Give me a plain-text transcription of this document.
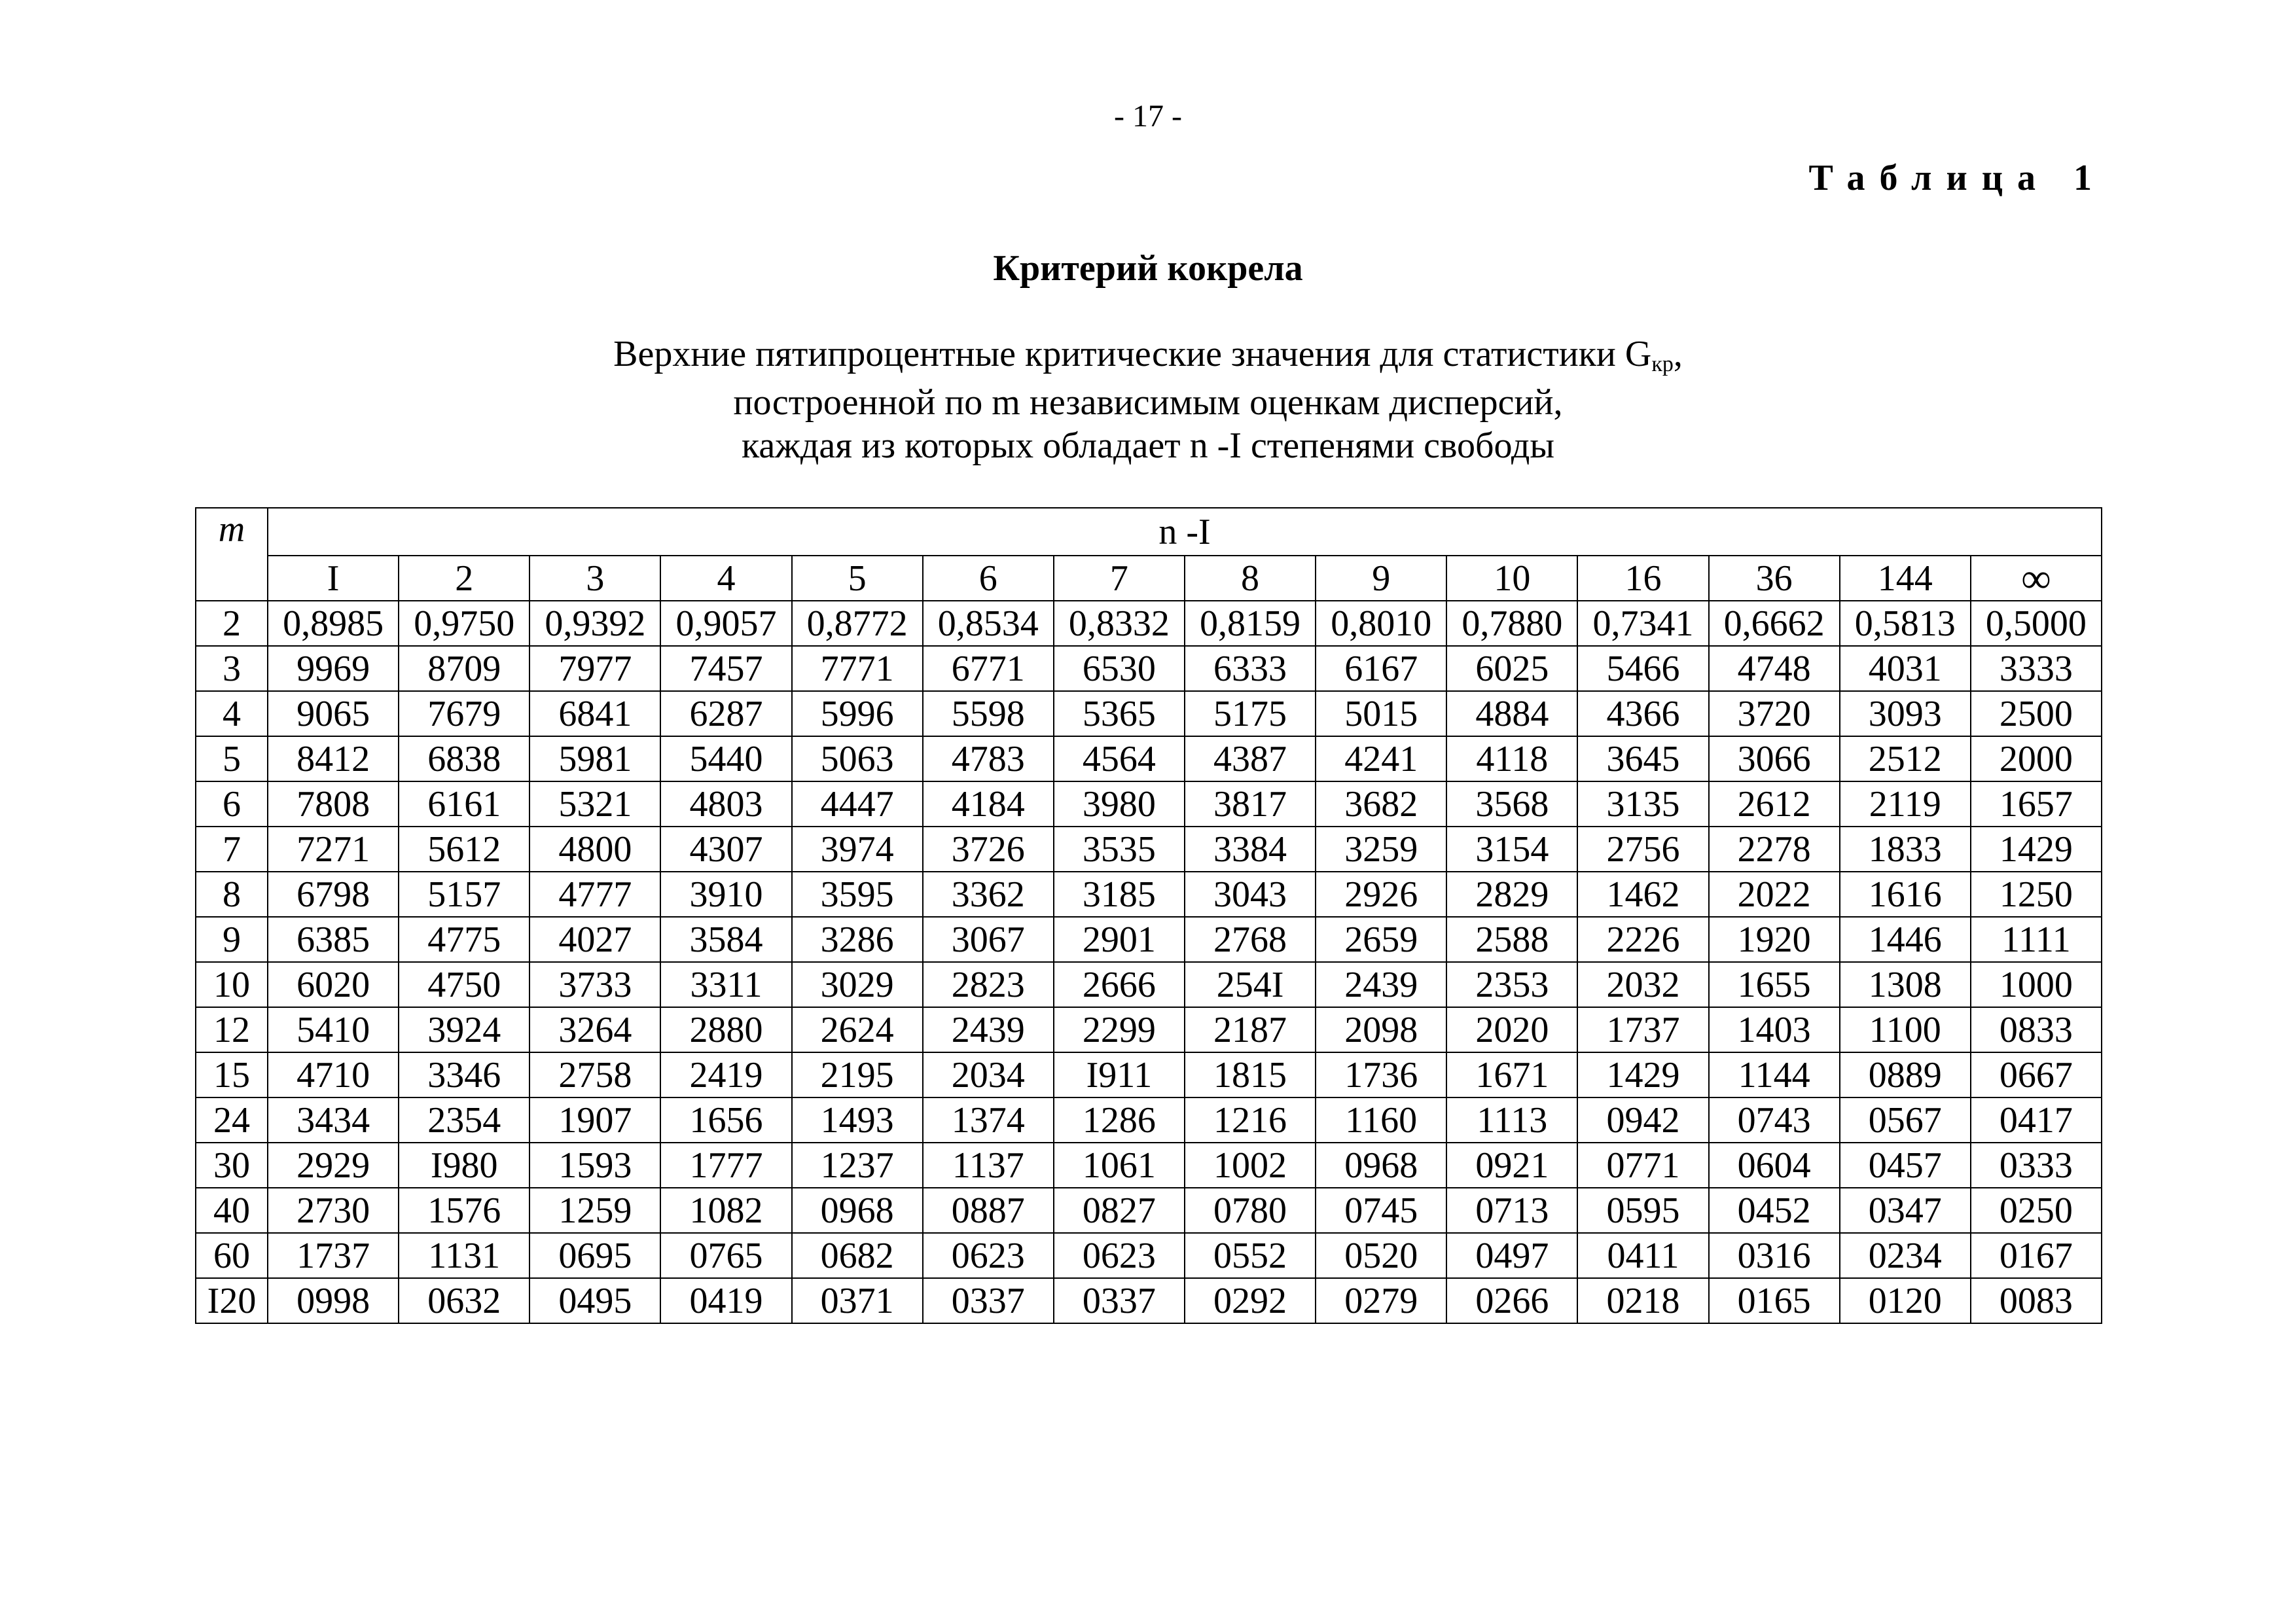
- 17 -
Таблица 1
Критерий кокрела
Верхние пятипроцентные критические значения для статистики $G_{кр}$,
построенной по m независимым оценкам дисперсий,
каждая из которых обладает n -I степенями свободы
m	n -I													
	I	2	3	4	5	6	7	8	9	10	16	36	144	∞
2	0,8985	0,9750	0,9392	0,9057	0,8772	0,8534	0,8332	0,8159	0,8010	0,7880	0,7341	0,6662	0,5813	0,5000
3	9969	8709	7977	7457	7771	6771	6530	6333	6167	6025	5466	4748	4031	3333
4	9065	7679	6841	6287	5996	5598	5365	5175	5015	4884	4366	3720	3093	2500
5	8412	6838	5981	5440	5063	4783	4564	4387	4241	4118	3645	3066	2512	2000
6	7808	6161	5321	4803	4447	4184	3980	3817	3682	3568	3135	2612	2119	1657
7	7271	5612	4800	4307	3974	3726	3535	3384	3259	3154	2756	2278	1833	1429
8	6798	5157	4777	3910	3595	3362	3185	3043	2926	2829	1462	2022	1616	1250
9	6385	4775	4027	3584	3286	3067	2901	2768	2659	2588	2226	1920	1446	1111
10	6020	4750	3733	3311	3029	2823	2666	254I	2439	2353	2032	1655	1308	1000
12	5410	3924	3264	2880	2624	2439	2299	2187	2098	2020	1737	1403	1100	0833
15	4710	3346	2758	2419	2195	2034	I911	1815	1736	1671	1429	1144	0889	0667
24	3434	2354	1907	1656	1493	1374	1286	1216	1160	1113	0942	0743	0567	0417
30	2929	I980	1593	1777	1237	1137	1061	1002	0968	0921	0771	0604	0457	0333
40	2730	1576	1259	1082	0968	0887	0827	0780	0745	0713	0595	0452	0347	0250
60	1737	1131	0695	0765	0682	0623	0623	0552	0520	0497	0411	0316	0234	0167
I20	0998	0632	0495	0419	0371	0337	0337	0292	0279	0266	0218	0165	0120	0083
